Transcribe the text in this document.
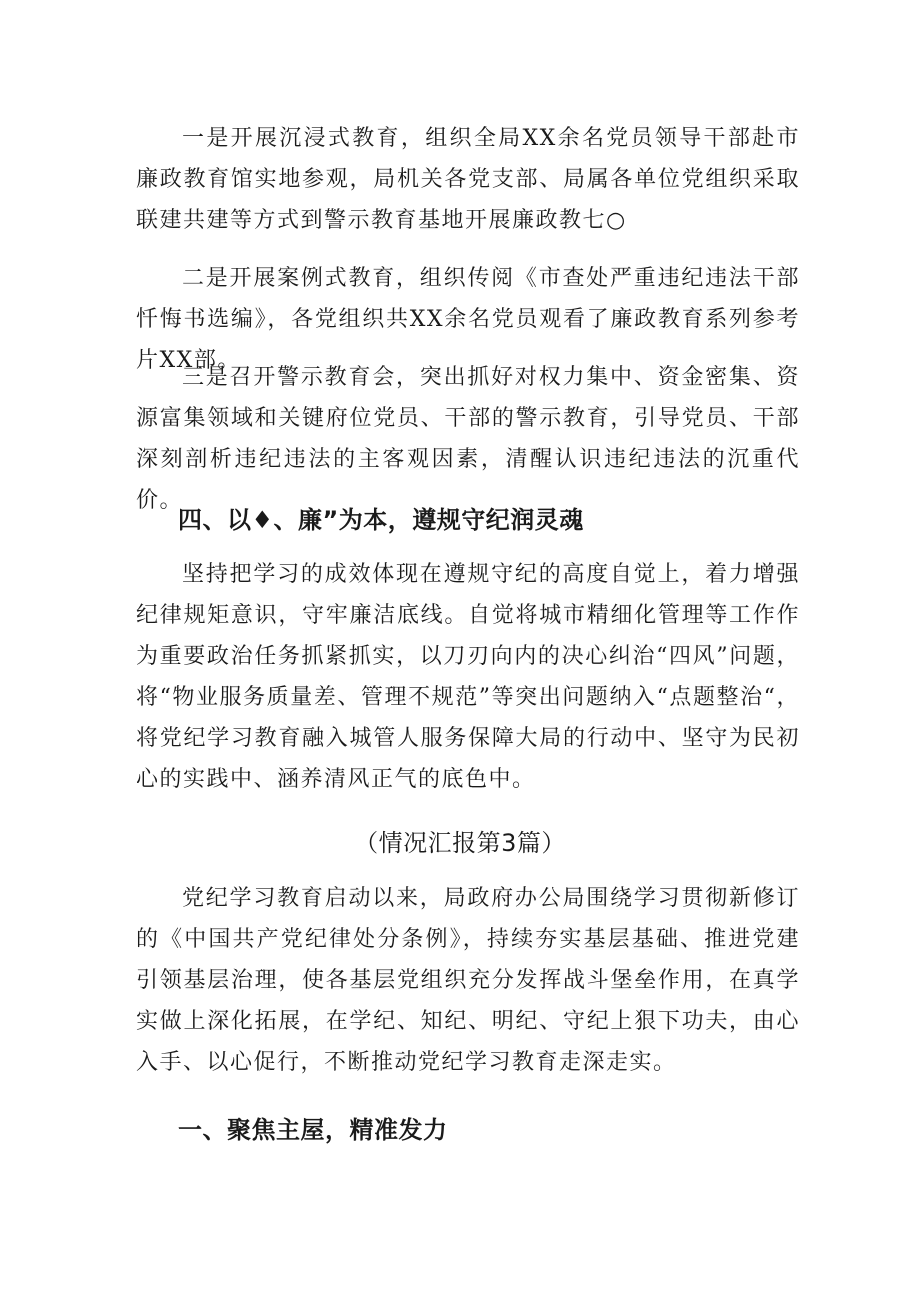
一是开展沉浸式教育，组织全局XX余名党员领导干部赴市廉政教育馆实地参观，局机关各党支部、局属各单位党组织采取联建共建等方式到警示教育基地开展廉政教七○

二是开展案例式教育，组织传阅《市查处严重违纪违法干部忏悔书选编》，各党组织共XX余名党员观看了廉政教育系列参考片XX部。

三是召开警示教育会，突出抓好对权力集中、资金密集、资源富集领域和关键府位党员、干部的警示教育，引导党员、干部深刻剖析违纪违法的主客观因素，清醒认识违纪违法的沉重代价。

四、以♦、廉”为本，遵规守纪润灵魂

坚持把学习的成效体现在遵规守纪的高度自觉上，着力增强纪律规矩意识，守牢廉洁底线。自觉将城市精细化管理等工作作为重要政治任务抓紧抓实，以刀刃向内的决心纠治“四风”问题，将“物业服务质量差、管理不规范”等突出问题纳入“点题整治“，将党纪学习教育融入城管人服务保障大局的行动中、坚守为民初心的实践中、涵养清风正气的底色中。

（情况汇报第3篇）

党纪学习教育启动以来，局政府办公局围绕学习贯彻新修订的《中国共产党纪律处分条例》，持续夯实基层基础、推进党建引领基层治理，使各基层党组织充分发挥战斗堡垒作用，在真学实做上深化拓展，在学纪、知纪、明纪、守纪上狠下功夫，由心入手、以心促行，不断推动党纪学习教育走深走实。

一、聚焦主屋，精准发力
